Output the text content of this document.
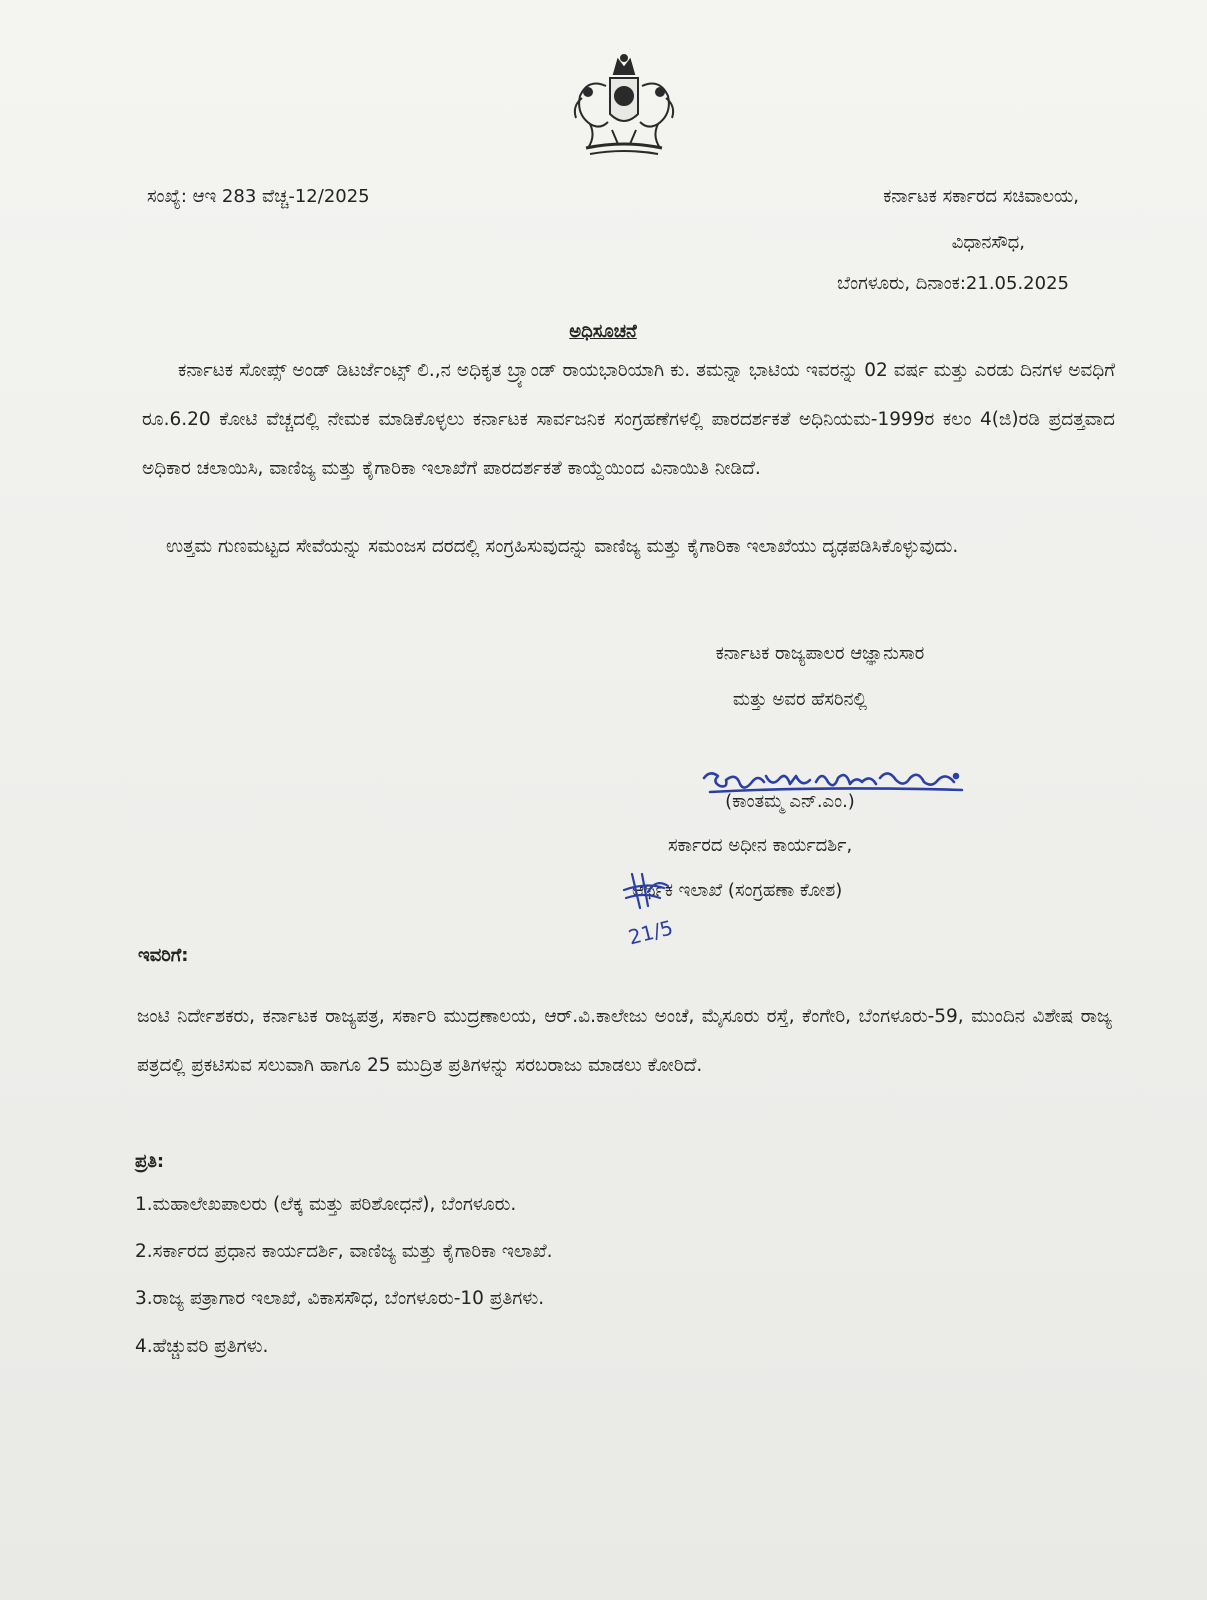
ಸಂಖ್ಯೆ: ಆಇ 283 ವೆಚ್ಚ-12/2025	ಕರ್ನಾಟಕ ಸರ್ಕಾರದ ಸಚಿವಾಲಯ,
ವಿಧಾನಸೌಧ,
ಬೆಂಗಳೂರು, ದಿನಾಂಕ:21.05.2025
ಅಧಿಸೂಚನೆ
ಕರ್ನಾಟಕ ಸೋಪ್ಸ್ ಅಂಡ್ ಡಿಟರ್ಜೆಂಟ್ಸ್ ಲಿ.,ನ ಅಧಿಕೃತ ಬ್ರ್ಯಾಂಡ್ ರಾಯಭಾರಿಯಾಗಿ ಕು. ತಮನ್ನಾ ಭಾಟಿಯ ಇವರನ್ನು 02 ವರ್ಷ ಮತ್ತು ಎರಡು ದಿನಗಳ ಅವಧಿಗೆ ರೂ.6.20 ಕೋಟಿ ವೆಚ್ಚದಲ್ಲಿ ನೇಮಕ ಮಾಡಿಕೊಳ್ಳಲು ಕರ್ನಾಟಕ ಸಾರ್ವಜನಿಕ ಸಂಗ್ರಹಣೆಗಳಲ್ಲಿ ಪಾರದರ್ಶಕತೆ ಅಧಿನಿಯಮ-1999ರ ಕಲಂ 4(ಜಿ)ರಡಿ ಪ್ರದತ್ತವಾದ ಅಧಿಕಾರ ಚಲಾಯಿಸಿ, ವಾಣಿಜ್ಯ ಮತ್ತು ಕೈಗಾರಿಕಾ ಇಲಾಖೆಗೆ ಪಾರದರ್ಶಕತೆ ಕಾಯ್ದೆಯಿಂದ ವಿನಾಯಿತಿ ನೀಡಿದೆ.
ಉತ್ತಮ ಗುಣಮಟ್ಟದ ಸೇವೆಯನ್ನು ಸಮಂಜಸ ದರದಲ್ಲಿ ಸಂಗ್ರಹಿಸುವುದನ್ನು ವಾಣಿಜ್ಯ ಮತ್ತು ಕೈಗಾರಿಕಾ ಇಲಾಖೆಯು ದೃಢಪಡಿಸಿಕೊಳ್ಳುವುದು.
ಕರ್ನಾಟಕ ರಾಜ್ಯಪಾಲರ ಆಜ್ಞಾನುಸಾರ
ಮತ್ತು ಅವರ ಹೆಸರಿನಲ್ಲಿ
(ಕಾಂತಮ್ಮ ಎನ್.ಎಂ.)
ಸರ್ಕಾರದ ಅಧೀನ ಕಾರ್ಯದರ್ಶಿ,
ಆರ್ಥಿಕ ಇಲಾಖೆ (ಸಂಗ್ರಹಣಾ ಕೋಶ)
21/5
ಇವರಿಗೆ:
ಜಂಟಿ ನಿರ್ದೇಶಕರು, ಕರ್ನಾಟಕ ರಾಜ್ಯಪತ್ರ, ಸರ್ಕಾರಿ ಮುದ್ರಣಾಲಯ, ಆರ್.ವಿ.ಕಾಲೇಜು ಅಂಚೆ, ಮೈಸೂರು ರಸ್ತೆ, ಕೆಂಗೇರಿ, ಬೆಂಗಳೂರು-59, ಮುಂದಿನ ವಿಶೇಷ ರಾಜ್ಯ ಪತ್ರದಲ್ಲಿ ಪ್ರಕಟಿಸುವ ಸಲುವಾಗಿ ಹಾಗೂ 25 ಮುದ್ರಿತ ಪ್ರತಿಗಳನ್ನು ಸರಬರಾಜು ಮಾಡಲು ಕೋರಿದೆ.
ಪ್ರತಿ:
1.ಮಹಾಲೇಖಪಾಲರು (ಲೆಕ್ಕ ಮತ್ತು ಪರಿಶೋಧನೆ), ಬೆಂಗಳೂರು.
2.ಸರ್ಕಾರದ ಪ್ರಧಾನ ಕಾರ್ಯದರ್ಶಿ, ವಾಣಿಜ್ಯ ಮತ್ತು ಕೈಗಾರಿಕಾ ಇಲಾಖೆ.
3.ರಾಜ್ಯ ಪತ್ರಾಗಾರ ಇಲಾಖೆ, ವಿಕಾಸಸೌಧ, ಬೆಂಗಳೂರು-10 ಪ್ರತಿಗಳು.
4.ಹೆಚ್ಚುವರಿ ಪ್ರತಿಗಳು.
